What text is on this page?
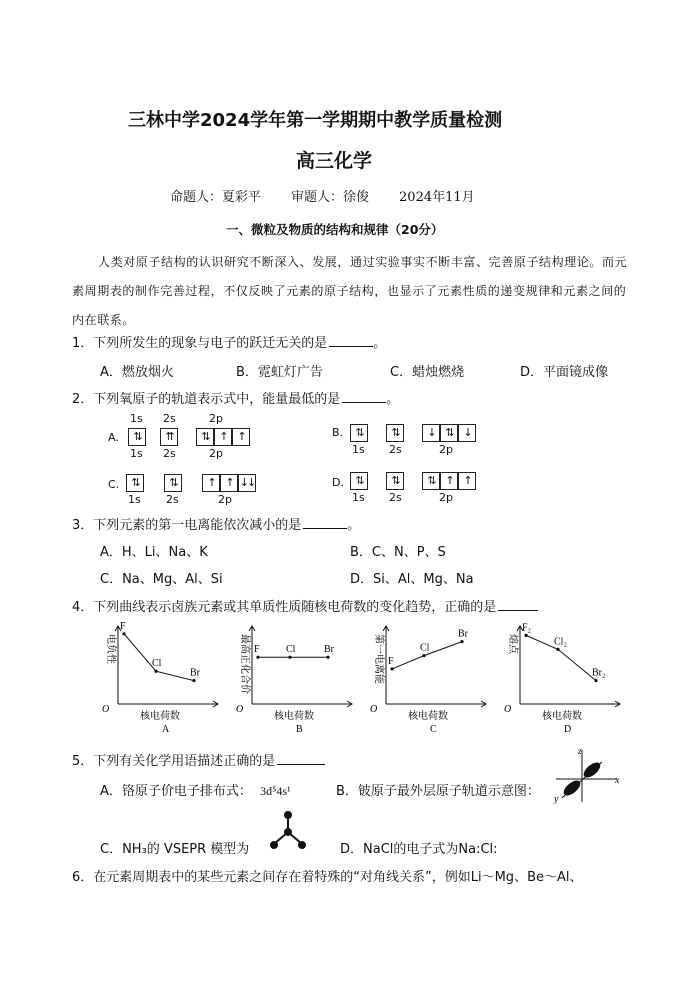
三林中学2024学年第一学期期中教学质量检测
高三化学
命题人：夏彩平 审题人：徐俊 2024年11月
一、微粒及物质的结构和规律（20分）
人类对原子结构的认识研究不断深入、发展，通过实验事实不断丰富、完善原子结构理论。而元素周期表的制作完善过程，不仅反映了元素的原子结构，也显示了元素性质的递变规律和元素之间的内在联系。
1．下列所发生的现象与电子的跃迁无关的是	。
A．燃放烟火	B．霓虹灯广告	C．蜡烛燃烧	D．平面镜成像
2．下列氧原子的轨道表示式中，能量最低的是	。
A.
1s 2s	2p
⇅	⇈	⇅ ↑ ↑
1s 2s	2p
B.	⇅	⇅	↓ ⇅ ↓
1s 2s	2p
C.	⇅	⇅	↑ ↑ ↓↓
1s 2s	2p
D.	⇅	⇅	⇅ ↑ ↑
1s 2s	2p
3．下列元素的第一电离能依次减小的是	。
A．H、Li、Na、K	B．C、N、P、S
C．Na、Mg、Al、Si	D．Si、Al、Mg、Na
4．下列曲线表示卤族元素或其单质性质随核电荷数的变化趋势，正确的是
电负性
O
核电荷数
A
F
Cl
Br	最高正化合价
O
核电荷数
B
F	Cl	Br	第一电离能
O
核电荷数
C
F
Cl
Br	熔点
O
核电荷数
D
F₂
Cl₂
Br₂
5．下列有关化学用语描述正确的是
A．铬原子价电子排布式： 3d⁵4s¹	B．铍原子最外层原子轨道示意图：
z
x
y
C．NH₃的 VSEPR 模型为	D．NaCl的电子式为Na:Cl:
6．在元素周期表中的某些元素之间存在着特殊的“对角线关系”，例如Li～Mg、Be～Al、
